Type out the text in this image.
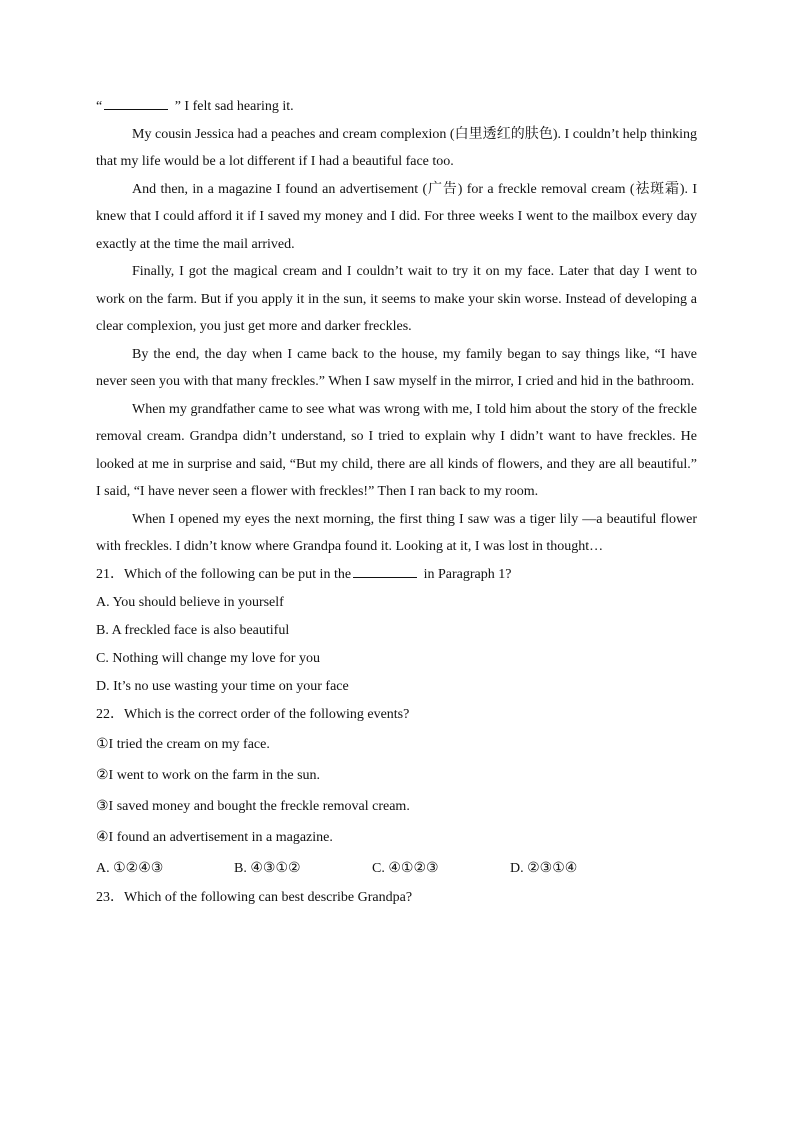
“	” I felt sad hearing it.

My cousin Jessica had a peaches and cream complexion (白里透红的肤色). I couldn’t help thinking that my life would be a lot different if I had a beautiful face too.

And then, in a magazine I found an advertisement (广告) for a freckle removal cream (祛斑霜). I knew that I could afford it if I saved my money and I did. For three weeks I went to the mailbox every day exactly at the time the mail arrived.

Finally, I got the magical cream and I couldn’t wait to try it on my face. Later that day I went to work on the farm. But if you apply it in the sun, it seems to make your skin worse. Instead of developing a clear complexion, you just get more and darker freckles.

By the end, the day when I came back to the house, my family began to say things like, “I have never seen you with that many freckles.” When I saw myself in the mirror, I cried and hid in the bathroom.

When my grandfather came to see what was wrong with me, I told him about the story of the freckle removal cream. Grandpa didn’t understand, so I tried to explain why I didn’t want to have freckles. He looked at me in surprise and said, “But my child, there are all kinds of flowers, and they are all beautiful.” I said, “I have never seen a flower with freckles!” Then I ran back to my room.

When I opened my eyes the next morning, the first thing I saw was a tiger lily —a beautiful flower with freckles. I didn’t know where Grandpa found it. Looking at it, I was lost in thought…

21．Which of the following can be put in the	in Paragraph 1?

A. You should believe in yourself

B. A freckled face is also beautiful

C. Nothing will change my love for you

D. It’s no use wasting your time on your face

22．Which is the correct order of the following events?

①I tried the cream on my face.

②I went to work on the farm in the sun.

③I saved money and bought the freckle removal cream.

④I found an advertisement in a magazine.

A. ①②④③	B. ④③①②	C. ④①②③	D. ②③①④

23．Which of the following can best describe Grandpa?
